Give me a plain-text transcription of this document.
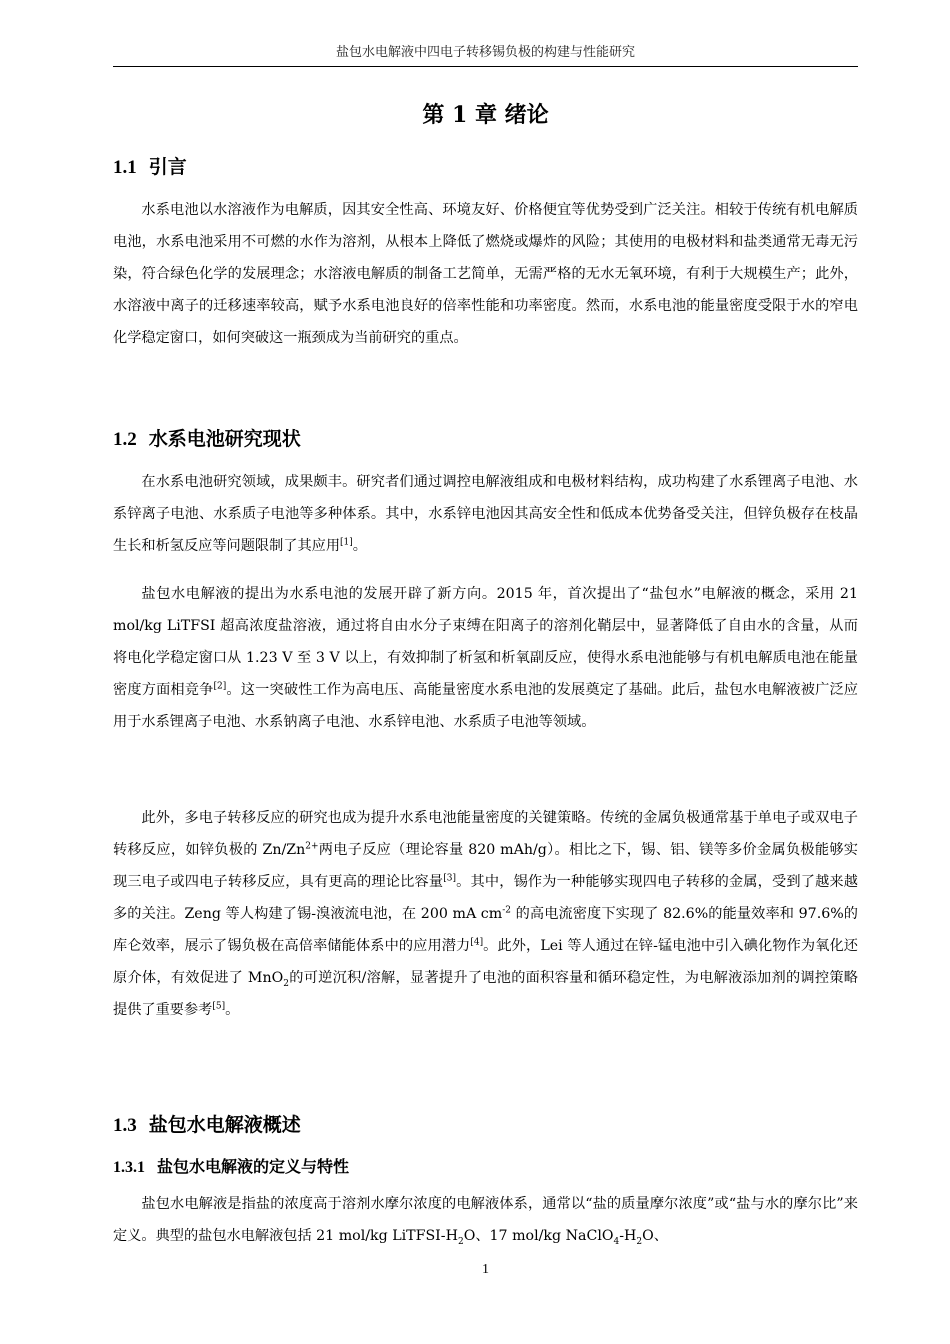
盐包水电解液中四电子转移锡负极的构建与性能研究
第 1 章 绪论
1.1 引言

水系电池以水溶液作为电解质，因其安全性高、环境友好、价格便宜等优势受到广泛关注。相较于传统有机电解质电池，水系电池采用不可燃的水作为溶剂，从根本上降低了燃烧或爆炸的风险；其使用的电极材料和盐类通常无毒无污染，符合绿色化学的发展理念；水溶液电解质的制备工艺简单，无需严格的无水无氧环境，有利于大规模生产；此外，水溶液中离子的迁移速率较高，赋予水系电池良好的倍率性能和功率密度。然而，水系电池的能量密度受限于水的窄电化学稳定窗口，如何突破这一瓶颈成为当前研究的重点。

1.2 水系电池研究现状

在水系电池研究领域，成果颇丰。研究者们通过调控电解液组成和电极材料结构，成功构建了水系锂离子电池、水系锌离子电池、水系质子电池等多种体系。其中，水系锌电池因其高安全性和低成本优势备受关注，但锌负极存在枝晶生长和析氢反应等问题限制了其应用[1]。

盐包水电解液的提出为水系电池的发展开辟了新方向。2015 年，首次提出了“盐包水”电解液的概念，采用 21 mol/kg LiTFSI 超高浓度盐溶液，通过将自由水分子束缚在阳离子的溶剂化鞘层中，显著降低了自由水的含量，从而将电化学稳定窗口从 1.23 V 至 3 V 以上，有效抑制了析氢和析氧副反应，使得水系电池能够与有机电解质电池在能量密度方面相竞争[2]。这一突破性工作为高电压、高能量密度水系电池的发展奠定了基础。此后，盐包水电解液被广泛应用于水系锂离子电池、水系钠离子电池、水系锌电池、水系质子电池等领域。

此外，多电子转移反应的研究也成为提升水系电池能量密度的关键策略。传统的金属负极通常基于单电子或双电子转移反应，如锌负极的 $Zn/Zn^{2+}$两电子反应（理论容量 820 mAh/g）。相比之下，锡、铝、镁等多价金属负极能够实现三电子或四电子转移反应，具有更高的理论比容量[3]。其中，锡作为一种能够实现四电子转移的金属，受到了越来越多的关注。Zeng 等人构建了锡-溴液流电池，在 200 mA $cm^{-2}$ 的高电流密度下实现了 82.6%的能量效率和 97.6%的库仑效率，展示了锡负极在高倍率储能体系中的应用潜力[4]。此外，Lei 等人通过在锌-锰电池中引入碘化物作为氧化还原介体，有效促进了 MnO$_2$的可逆沉积/溶解，显著提升了电池的面积容量和循环稳定性，为电解液添加剂的调控策略提供了重要参考[5]。

1.3 盐包水电解液概述
1.3.1 盐包水电解液的定义与特性

盐包水电解液是指盐的浓度高于溶剂水摩尔浓度的电解液体系，通常以“盐的质量摩尔浓度”或“盐与水的摩尔比”来定义。典型的盐包水电解液包括 21 mol/kg LiTFSI-$H_2O$、17 mol/kg $NaClO_4-H_2O$、

1
